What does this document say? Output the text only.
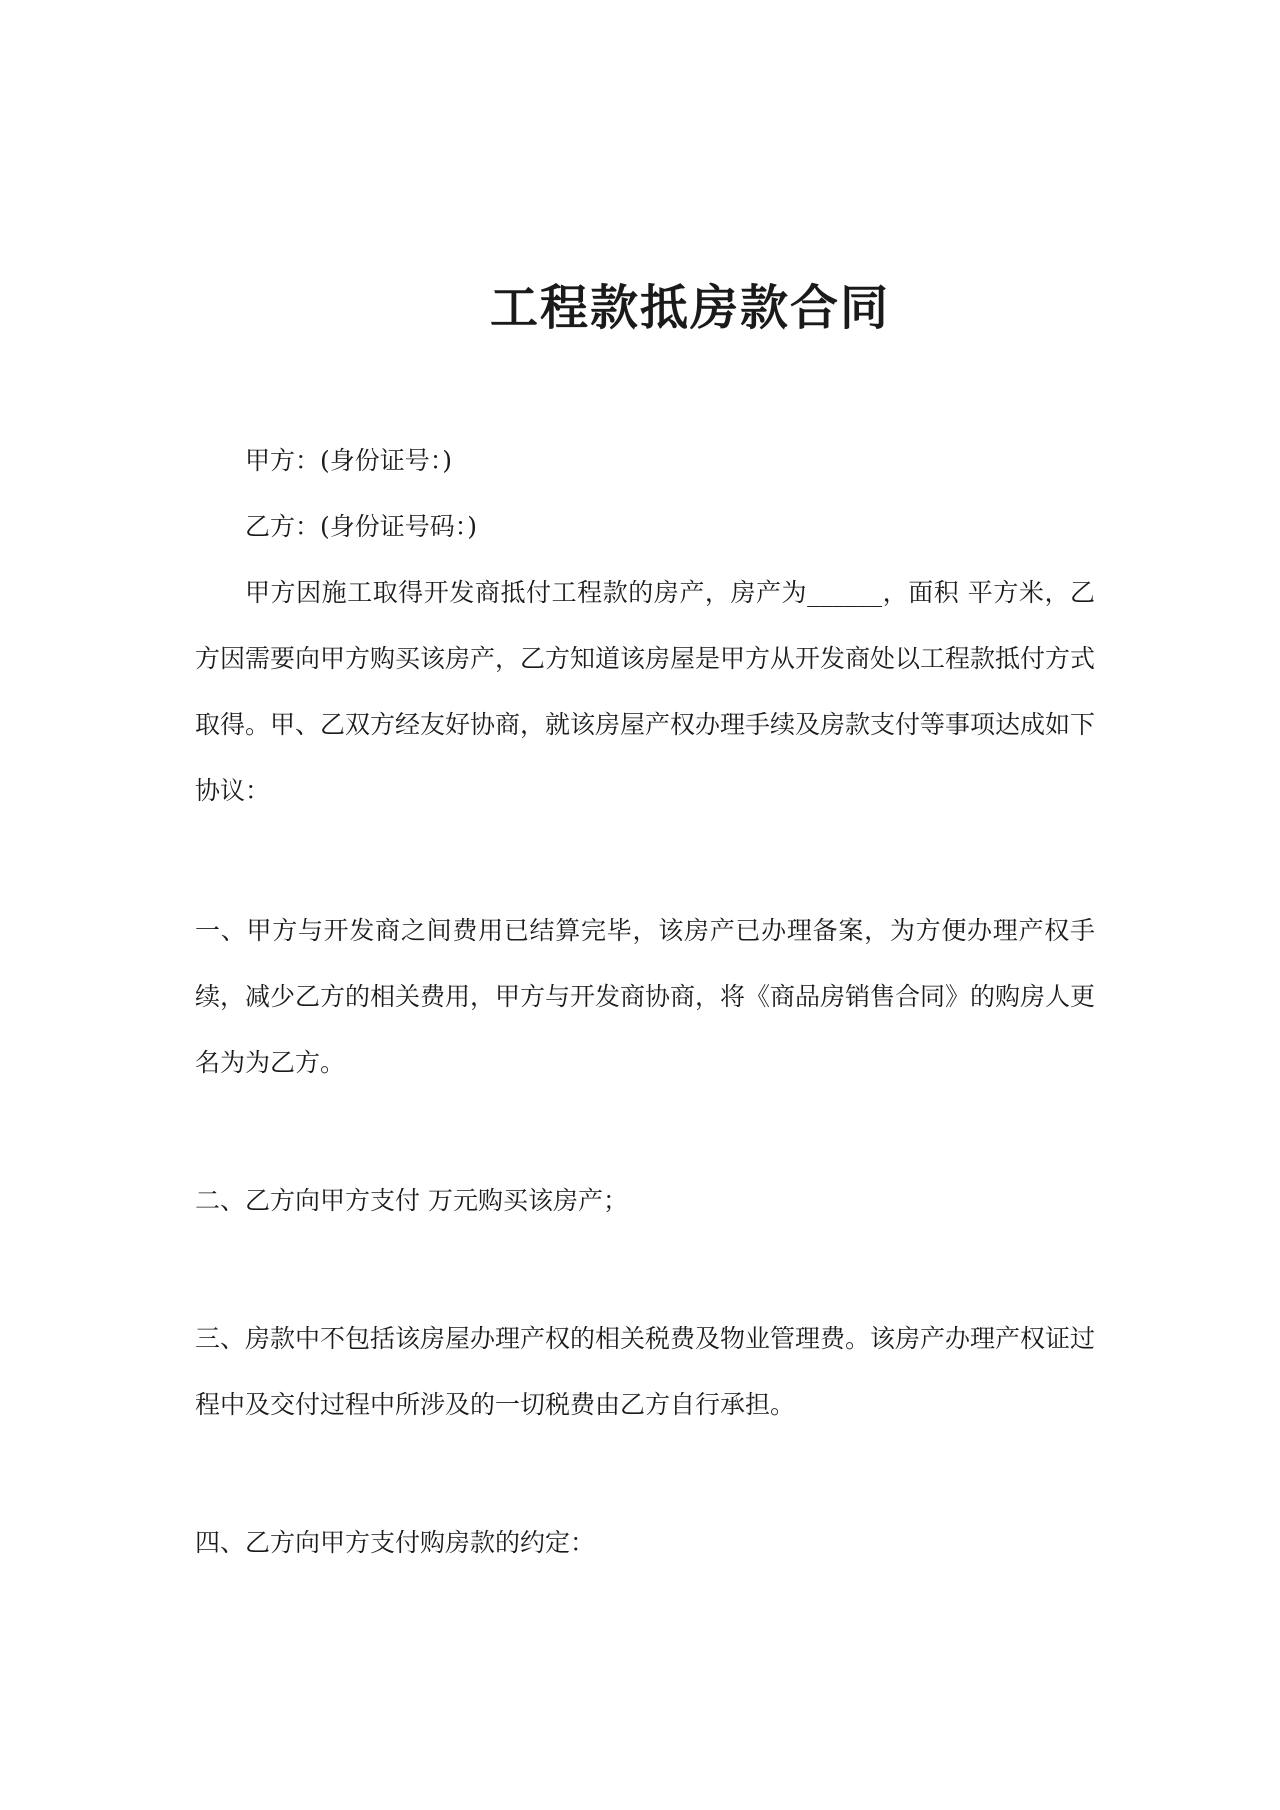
工程款抵房款合同

甲方：(身份证号：)

乙方：(身份证号码：)

甲方因施工取得开发商抵付工程款的房产，房产为______，面积 平方米，乙方因需要向甲方购买该房产，乙方知道该房屋是甲方从开发商处以工程款抵付方式取得。甲、乙双方经友好协商，就该房屋产权办理手续及房款支付等事项达成如下协议：

一、甲方与开发商之间费用已结算完毕，该房产已办理备案，为方便办理产权手续，减少乙方的相关费用，甲方与开发商协商，将《商品房销售合同》的购房人更名为为乙方。

二、乙方向甲方支付 万元购买该房产；

三、房款中不包括该房屋办理产权的相关税费及物业管理费。该房产办理产权证过程中及交付过程中所涉及的一切税费由乙方自行承担。

四、乙方向甲方支付购房款的约定：
